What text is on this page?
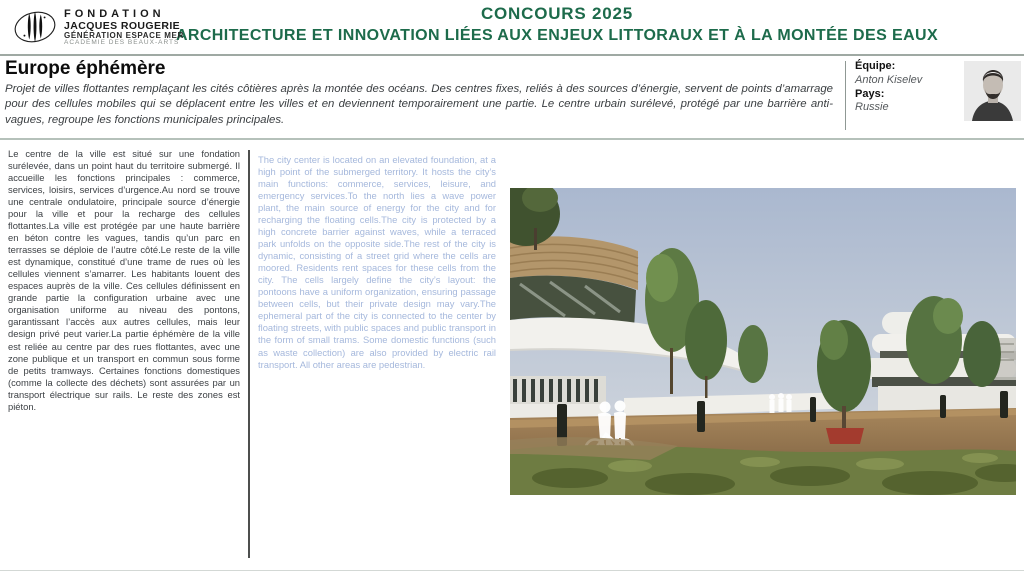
FONDATION
JACQUES ROUGERIE
GÉNÉRATION ESPACE MER
ACADÉMIE DES BEAUX-ARTS
CONCOURS 2025
ARCHITECTURE ET INNOVATION LIÉES AUX ENJEUX LITTORAUX ET À LA MONTÉE DES EAUX
Europe éphémère

Projet de villes flottantes remplaçant les cités côtières après la montée des océans. Des centres fixes, reliés à des sources d’énergie, servent de points d’amarrage pour des cellules mobiles qui se déplacent entre les villes et en deviennent temporairement une partie. Le centre urbain surélevé, protégé par une barrière anti-vagues, regroupe les fonctions municipales principales.

Équipe:
Anton Kiselev
Pays:
Russie
Le centre de la ville est situé sur une fondation surélevée, dans un point haut du territoire submergé. Il accueille les fonctions principales : commerce, services, loisirs, services d’urgence.Au nord se trouve une centrale ondulatoire, principale source d’énergie pour la ville et pour la recharge des cellules flottantes.La ville est protégée par une haute barrière en béton contre les vagues, tandis qu’un parc en terrasses se déploie de l’autre côté.Le reste de la ville est dynamique, constitué d’une trame de rues où les cellules viennent s’amarrer. Les habitants louent des espaces auprès de la ville. Ces cellules définissent en grande partie la configuration urbaine avec une organisation uniforme au niveau des pontons, garantissant l’accès aux autres cellules, mais leur design privé peut varier.La partie éphémère de la ville est reliée au centre par des rues flottantes, avec une zone publique et un transport en commun sous forme de petits tramways. Certaines fonctions domestiques (comme la collecte des déchets) sont assurées par un transport électrique sur rails. Le reste des zones est piéton.
The city center is located on an elevated foundation, at a high point of the submerged territory. It hosts the city’s main functions: commerce, services, leisure, and emergency services.To the north lies a wave power plant, the main source of energy for the city and for recharging the floating cells.The city is protected by a high concrete barrier against waves, while a terraced park unfolds on the opposite side.The rest of the city is dynamic, consisting of a street grid where the cells are moored. Residents rent spaces for these cells from the city. The cells largely define the city’s layout: the pontoons have a uniform organization, ensuring passage between cells, but their private design may vary.The ephemeral part of the city is connected to the center by floating streets, with public spaces and public transport in the form of small trams. Some domestic functions (such as waste collection) are also provided by electric rail transport. All other areas are pedestrian.
